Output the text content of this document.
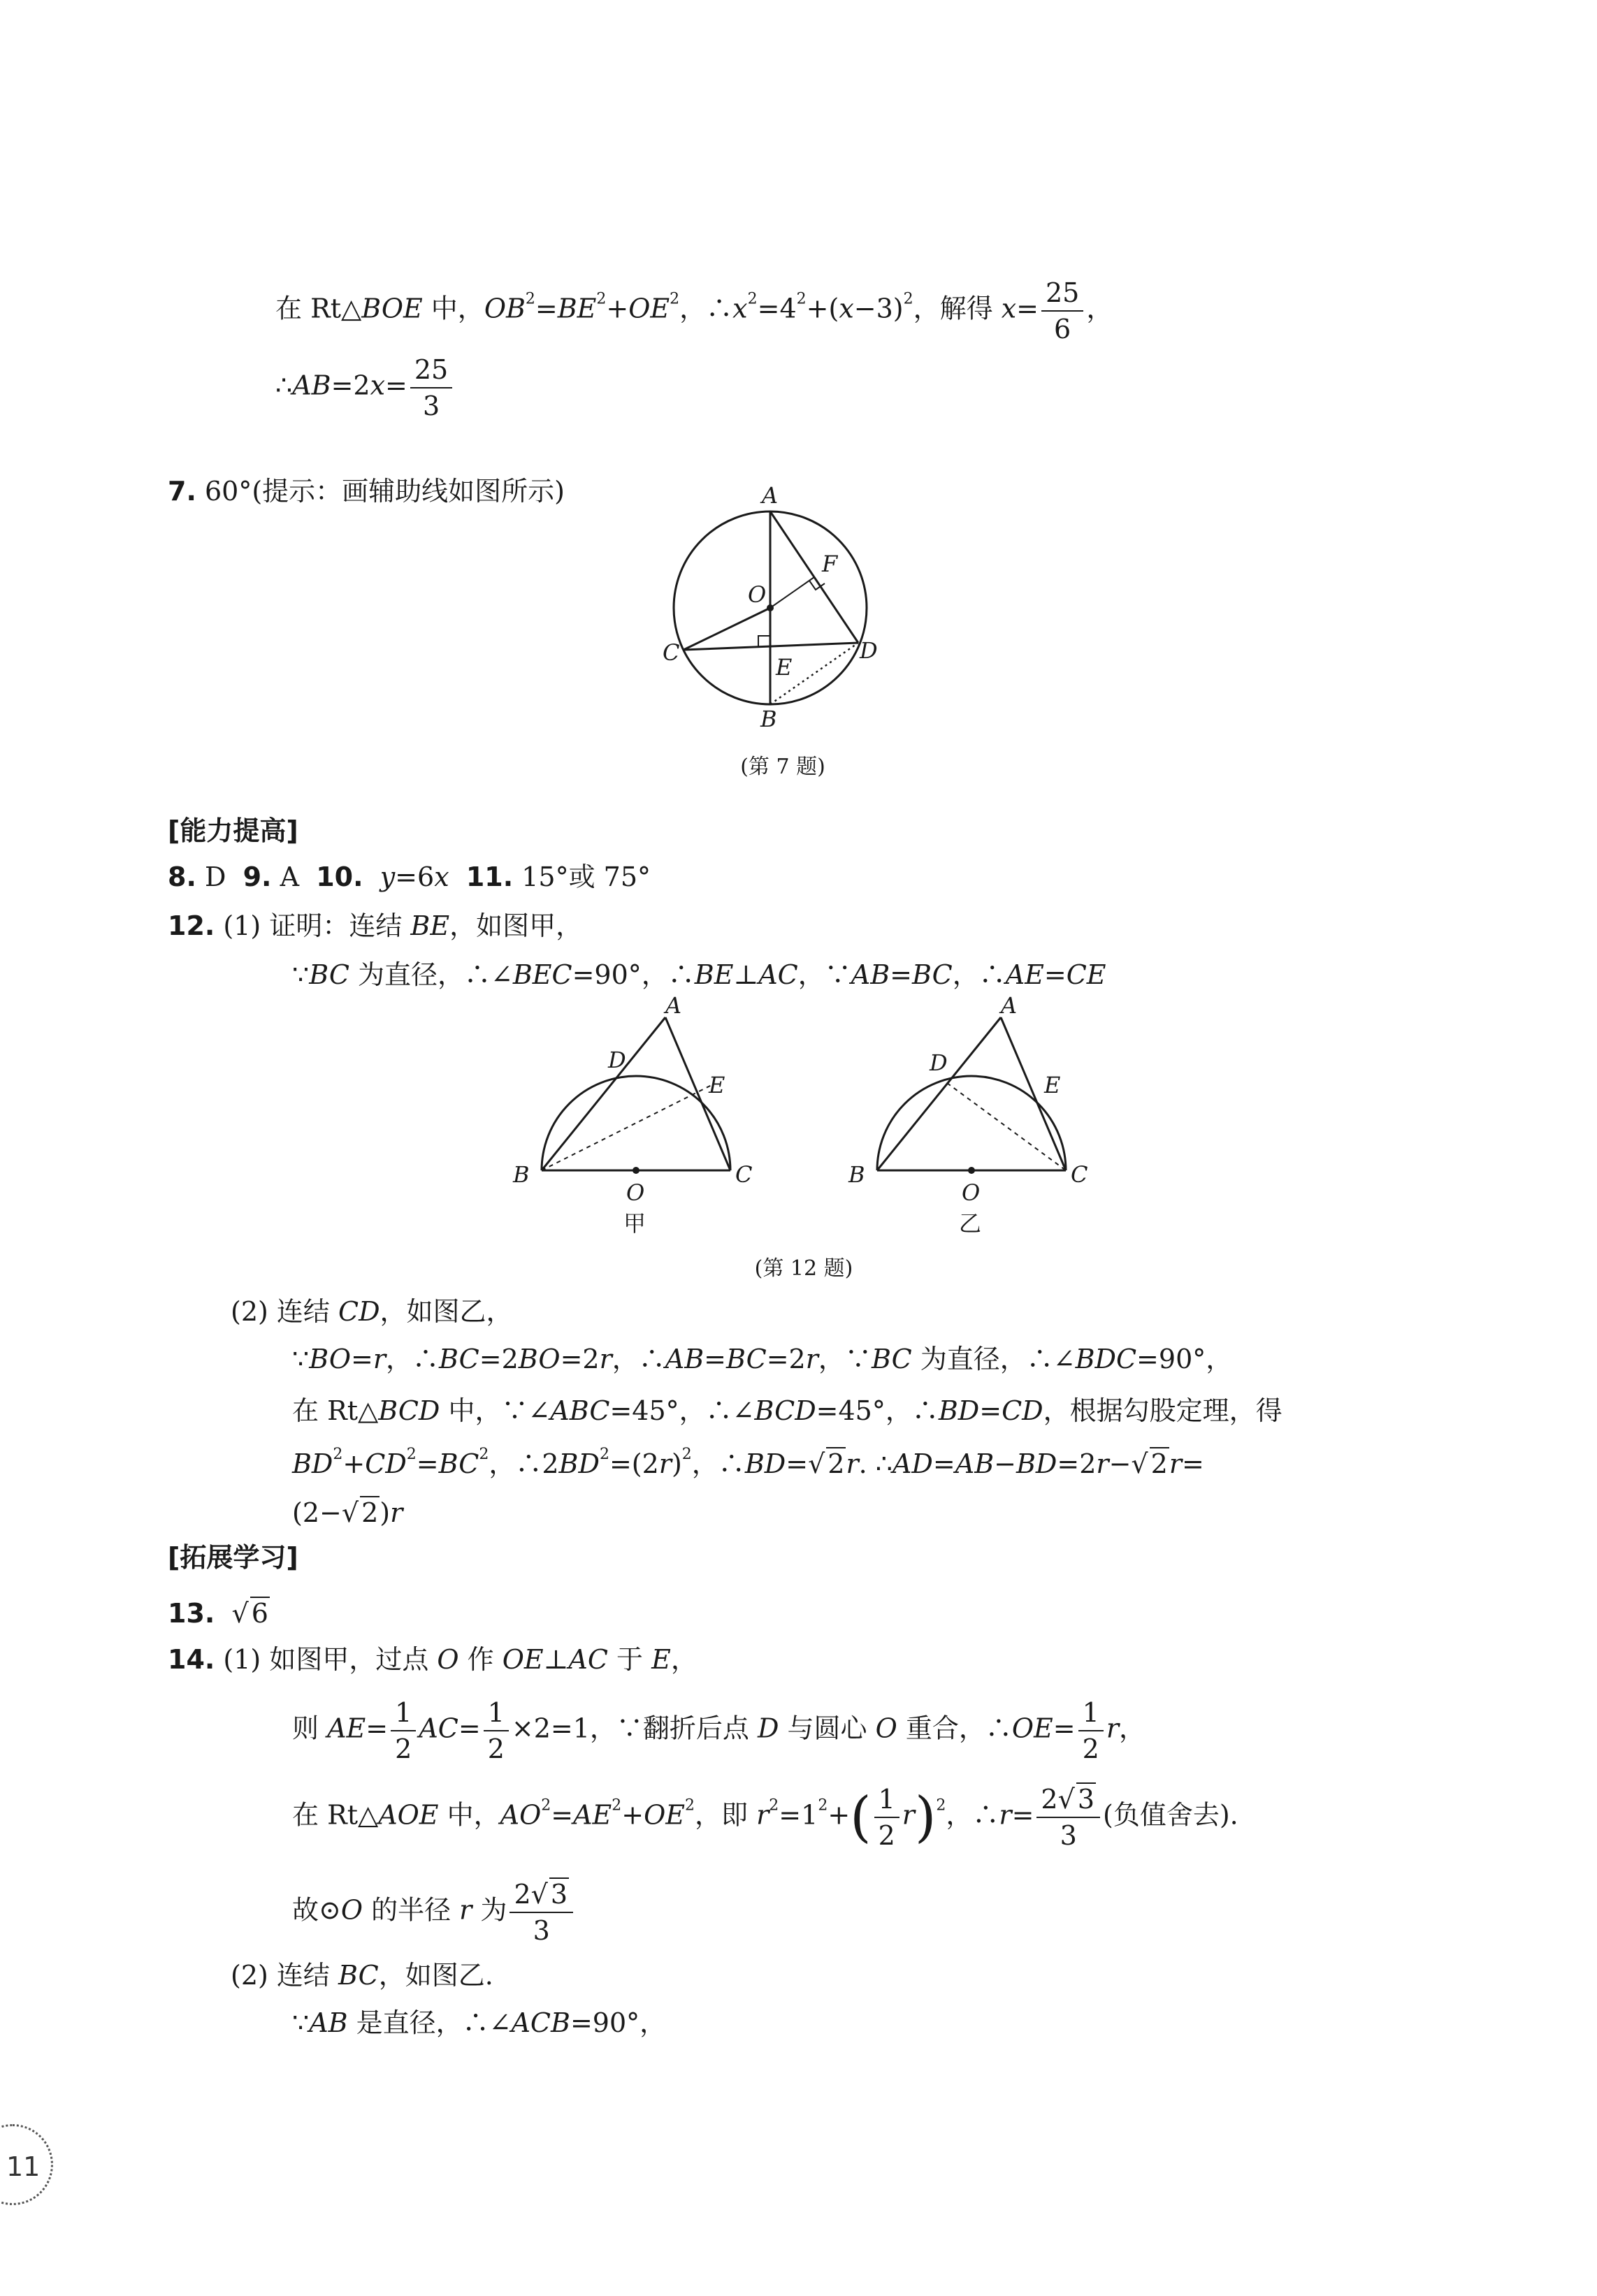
在 Rt△BOE 中，$OB^2=BE^2+OE^2$，$\therefore x^2=4^2+(x-3)^2$，解得 $x= \frac{25}{6}$ ，
∴AB=2x= $\frac{25}{3}$
7. 60°(提示：画辅助线如图所示)	A
O
F
C	D
E
B
(第 7 题)
[能力提高]
8. D  9. A  10. y=6x 11. 15°或 75°
12. (1) 证明：连结 BE，如图甲，
∵BC 为直径，∴∠BEC=90°，∴BE⊥AC，∵AB=BC，∴AE=CE
A
D
E
B
O
C
甲
A
D
E
B
O
C
乙
(第 12 题)
(2) 连结 CD，如图乙，
∵BO=r，∴BC=2BO=2r，∴AB=BC=2r，∵BC 为直径，∴∠BDC=90°，
在 Rt△BCD 中，∵∠ABC=45°，∴∠BCD=45°，∴BD=CD，根据勾股定理，得
$BD^2+CD^2=BC^2$，$\therefore 2BD^2=(2r)^2$，∴BD=√ 2r. ∴AD=AB−BD=2r−√ 2r=
(2−√ 2)r
[拓展学习]
13. √ 6
14. (1) 如图甲，过点 O 作 OE⊥AC 于 E，
则 $AE= \frac{1}{2} AC= \frac{1}{2} \times 2=1$，∵翻折后点 D 与圆心 O 重合，∴OE= $\frac{1}{2}$ r，
在 Rt△AOE 中，$AO^2=AE^2+OE^2$，即 $r^2=1^2+( \frac{1}{2} r)^2$，∴r= $\frac{2√ 3}{3}$ (负值舍去).
故⊙O 的半径 r 为 $\frac{2√ 3}{3}$
(2) 连结 BC，如图乙.
∵AB 是直径，∴∠ACB=90°，
11
